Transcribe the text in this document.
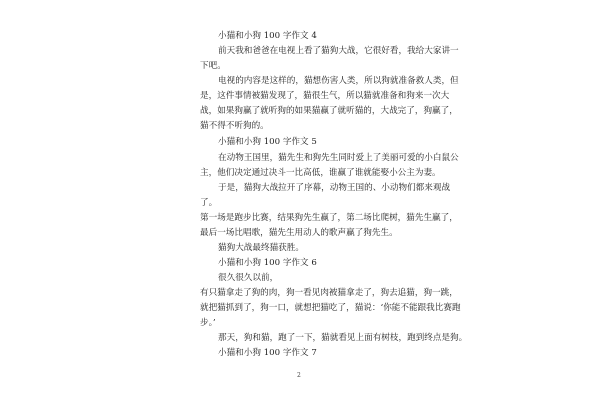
小猫和小狗 100 字作文 4
前天我和爸爸在电视上看了猫狗大战，它很好看，我给大家讲一
下吧。
电视的内容是这样的，猫想伤害人类，所以狗就准备救人类，但
是，这件事情被猫发现了，猫很生气，所以猫就准备和狗来一次大
战，如果狗赢了就听狗的如果猫赢了就听猫的，大战完了，狗赢了，
猫不得不听狗的。
小猫和小狗 100 字作文 5
在动物王国里，猫先生和狗先生同时爱上了美丽可爱的小白鼠公
主，他们决定通过决斗一比高低，谁赢了谁就能娶小公主为妻。
于是，猫狗大战拉开了序幕，动物王国的、小动物们都来观战
了。
第一场是跑步比赛，结果狗先生赢了，第二场比爬树，猫先生赢了，
最后一场比唱歌，猫先生用动人的歌声赢了狗先生。
猫狗大战最终猫获胜。
小猫和小狗 100 字作文 6
很久很久以前，
有只猫拿走了狗的肉，狗一看见肉被猫拿走了，狗去追猫，狗一跳，
就把猫抓到了，狗一口，就想把猫吃了，猫说：‘你能不能跟我比赛跑
步。’
那天，狗和猫，跑了一下，猫就看见上面有树枝，跑到终点是狗。
小猫和小狗 100 字作文 7
2
